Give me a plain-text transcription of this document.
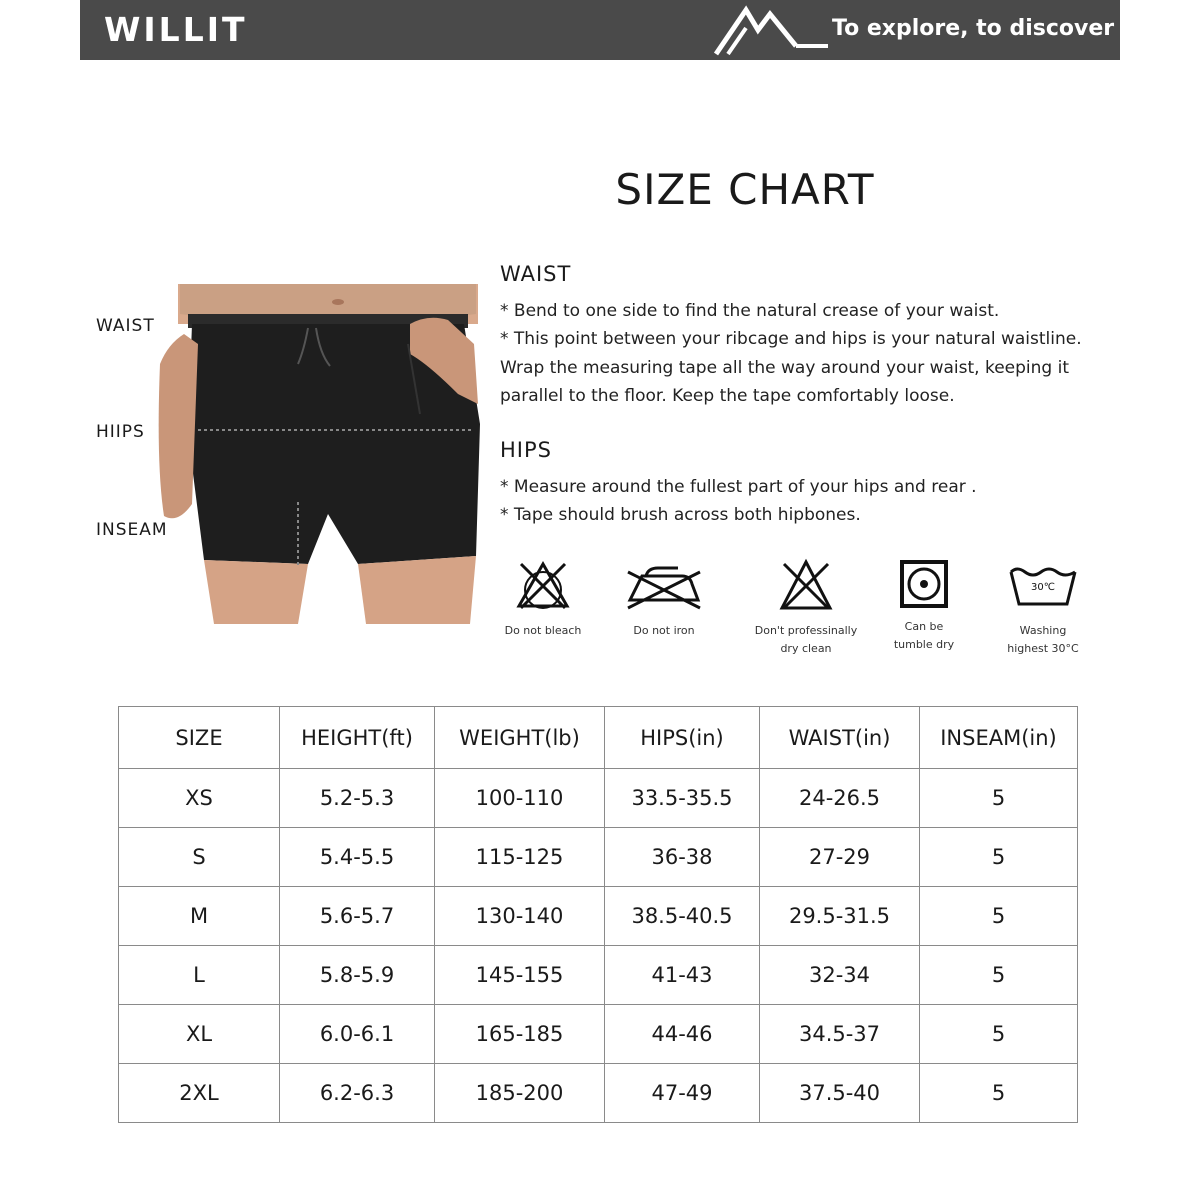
WILLIT	To explore, to discover
SIZE CHART
WAIST
HIIPS
INSEAM
WAIST
* Bend to one side to find the natural crease of your waist.
* This point between your ribcage and hips is your natural waistline. Wrap the measuring tape all the way around your waist, keeping it parallel to the floor. Keep the tape comfortably loose.
HIPS
* Measure around the fullest part of your hips and rear .
* Tape should brush across both hipbones.
Do not bleach	Do not iron	Don't professinally
dry clean
Can be
tumble dry
30℃
Washing
highest 30°C
SIZE	HEIGHT(ft)	WEIGHT(lb)	HIPS(in)	WAIST(in)	INSEAM(in)
XS	5.2-5.3	100-110	33.5-35.5	24-26.5	5
S	5.4-5.5	115-125	36-38	27-29	5
M	5.6-5.7	130-140	38.5-40.5	29.5-31.5	5
L	5.8-5.9	145-155	41-43	32-34	5
XL	6.0-6.1	165-185	44-46	34.5-37	5
2XL	6.2-6.3	185-200	47-49	37.5-40	5
